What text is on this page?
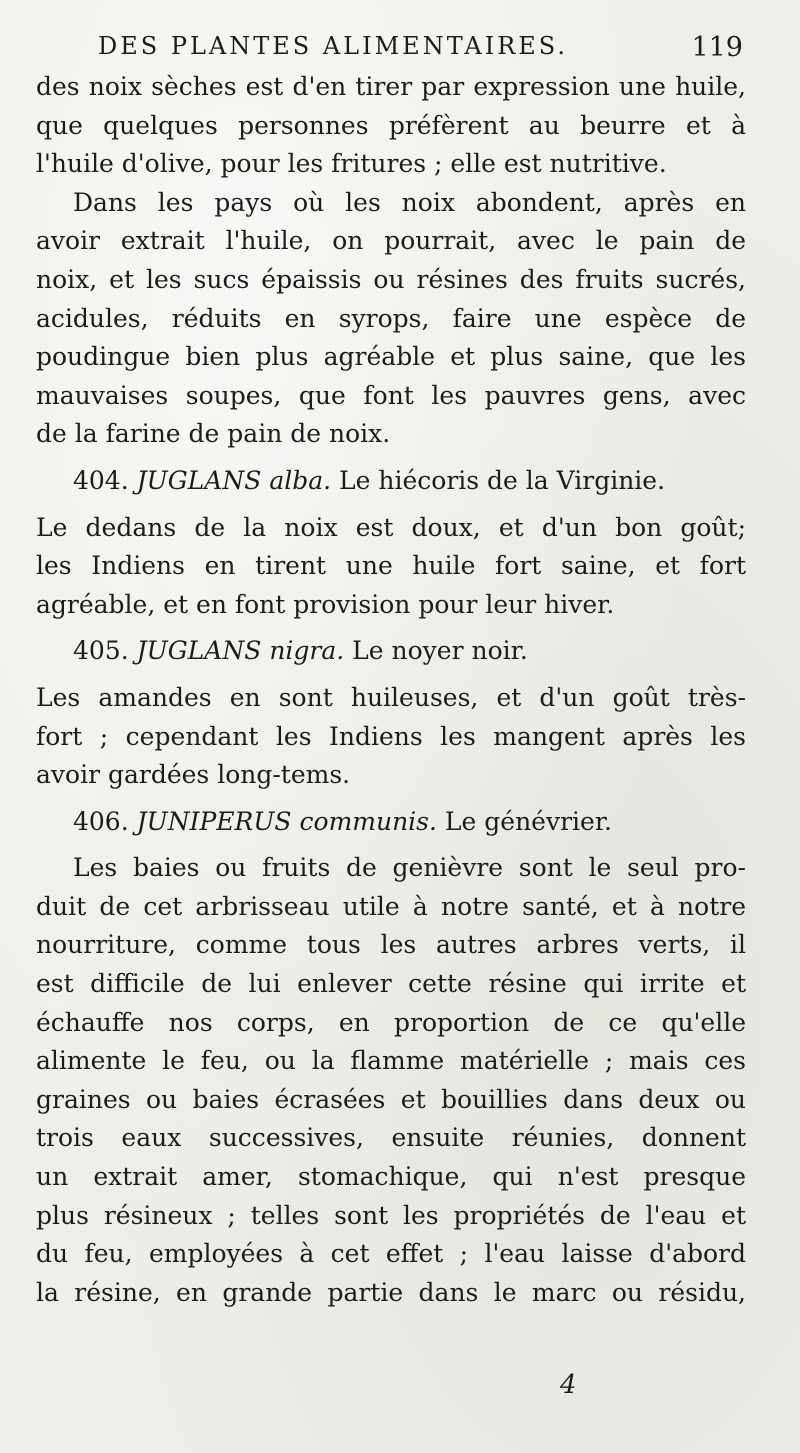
DES PLANTES ALIMENTAIRES.	119
des noix sèches est d'en tirer par expression une huile,
que quelques personnes préfèrent au beurre et à
l'huile d'olive, pour les fritures ; elle est nutritive.
Dans les pays où les noix abondent, après en
avoir extrait l'huile, on pourrait, avec le pain de
noix, et les sucs épaissis ou résines des fruits sucrés,
acidules, réduits en syrops, faire une espèce de
poudingue bien plus agréable et plus saine, que les
mauvaises soupes, que font les pauvres gens, avec
de la farine de pain de noix.
404. JUGLANS alba. Le hiécoris de la Virginie.
Le dedans de la noix est doux, et d'un bon goût;
les Indiens en tirent une huile fort saine, et fort
agréable, et en font provision pour leur hiver.
405. JUGLANS nigra. Le noyer noir.
Les amandes en sont huileuses, et d'un goût très-
fort ; cependant les Indiens les mangent après les
avoir gardées long-tems.
406. JUNIPERUS communis. Le génévrier.
Les baies ou fruits de genièvre sont le seul pro-
duit de cet arbrisseau utile à notre santé, et à notre
nourriture, comme tous les autres arbres verts, il
est difficile de lui enlever cette résine qui irrite et
échauffe nos corps, en proportion de ce qu'elle
alimente le feu, ou la flamme matérielle ; mais ces
graines ou baies écrasées et bouillies dans deux ou
trois eaux successives, ensuite réunies, donnent
un extrait amer, stomachique, qui n'est presque
plus résineux ; telles sont les propriétés de l'eau et
du feu, employées à cet effet ; l'eau laisse d'abord
la résine, en grande partie dans le marc ou résidu,
4
